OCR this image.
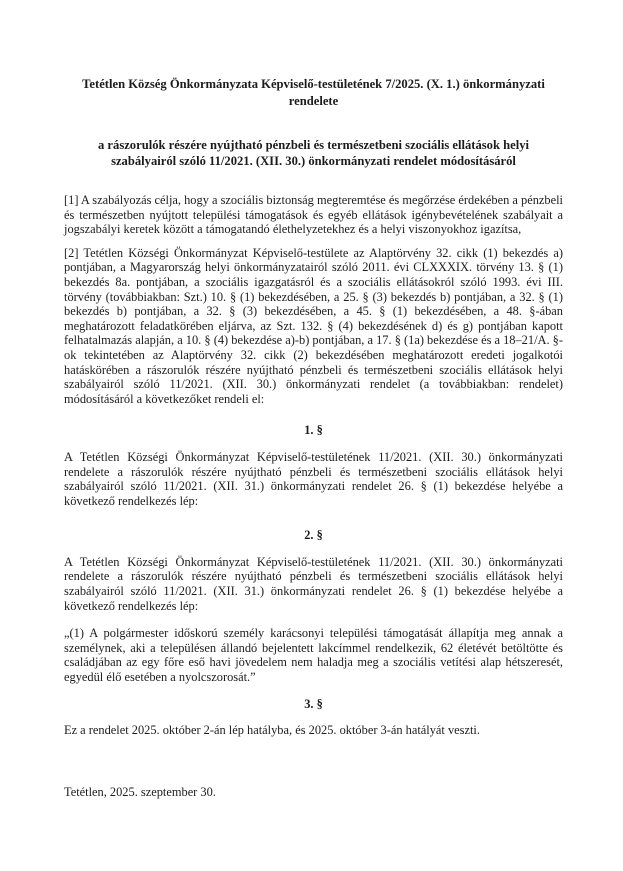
Tetétlen Község Önkormányzata Képviselő-testületének 7/2025. (X. 1.) önkormányzati rendelete
a rászorulók részére nyújtható pénzbeli és természetbeni szociális ellátások helyi szabályairól szóló 11/2021. (XII. 30.) önkormányzati rendelet módosításáról

[1] A szabályozás célja, hogy a szociális biztonság megteremtése és megőrzése érdekében a pénzbeli és természetben nyújtott települési támogatások és egyéb ellátások igénybevételének szabályait a jogszabályi keretek között a támogatandó élethelyzetekhez és a helyi viszonyokhoz igazítsa,

[2] Tetétlen Községi Önkormányzat Képviselő-testülete az Alaptörvény 32. cikk (1) bekezdés a) pontjában, a Magyarország helyi önkormányzatairól szóló 2011. évi CLXXXIX. törvény 13. § (1) bekezdés 8a. pontjában, a szociális igazgatásról és a szociális ellátásokról szóló 1993. évi III. törvény (továbbiakban: Szt.) 10. § (1) bekezdésében, a 25. § (3) bekezdés b) pontjában, a 32. § (1) bekezdés b) pontjában, a 32. § (3) bekezdésében, a 45. § (1) bekezdésében, a 48. §-ában meghatározott feladatkörében eljárva, az Szt. 132. § (4) bekezdésének d) és g) pontjában kapott felhatalmazás alapján, a 10. § (4) bekezdése a)-b) pontjában, a 17. § (1a) bekezdése és a 18–21/A. §-ok tekintetében az Alaptörvény 32. cikk (2) bekezdésében meghatározott eredeti jogalkotói hatáskörében a rászorulók részére nyújtható pénzbeli és természetbeni szociális ellátások helyi szabályairól szóló 11/2021. (XII. 30.) önkormányzati rendelet (a továbbiakban: rendelet) módosításáról a következőket rendeli el:

1. §

A Tetétlen Községi Önkormányzat Képviselő-testületének 11/2021. (XII. 30.) önkormányzati rendelete a rászorulók részére nyújtható pénzbeli és természetbeni szociális ellátások helyi szabályairól szóló 11/2021. (XII. 31.) önkormányzati rendelet 26. § (1) bekezdése helyébe a következő rendelkezés lép:

2. §

A Tetétlen Községi Önkormányzat Képviselő-testületének 11/2021. (XII. 30.) önkormányzati rendelete a rászorulók részére nyújtható pénzbeli és természetbeni szociális ellátások helyi szabályairól szóló 11/2021. (XII. 31.) önkormányzati rendelet 26. § (1) bekezdése helyébe a következő rendelkezés lép:

„(1) A polgármester időskorú személy karácsonyi települési támogatását állapítja meg annak a személynek, aki a településen állandó bejelentett lakcímmel rendelkezik, 62 életévét betöltötte és családjában az egy főre eső havi jövedelem nem haladja meg a szociális vetítési alap hétszeresét, egyedül élő esetében a nyolcszorosát.”

3. §

Ez a rendelet 2025. október 2-án lép hatályba, és 2025. október 3-án hatályát veszti.

Tetétlen, 2025. szeptember 30.
